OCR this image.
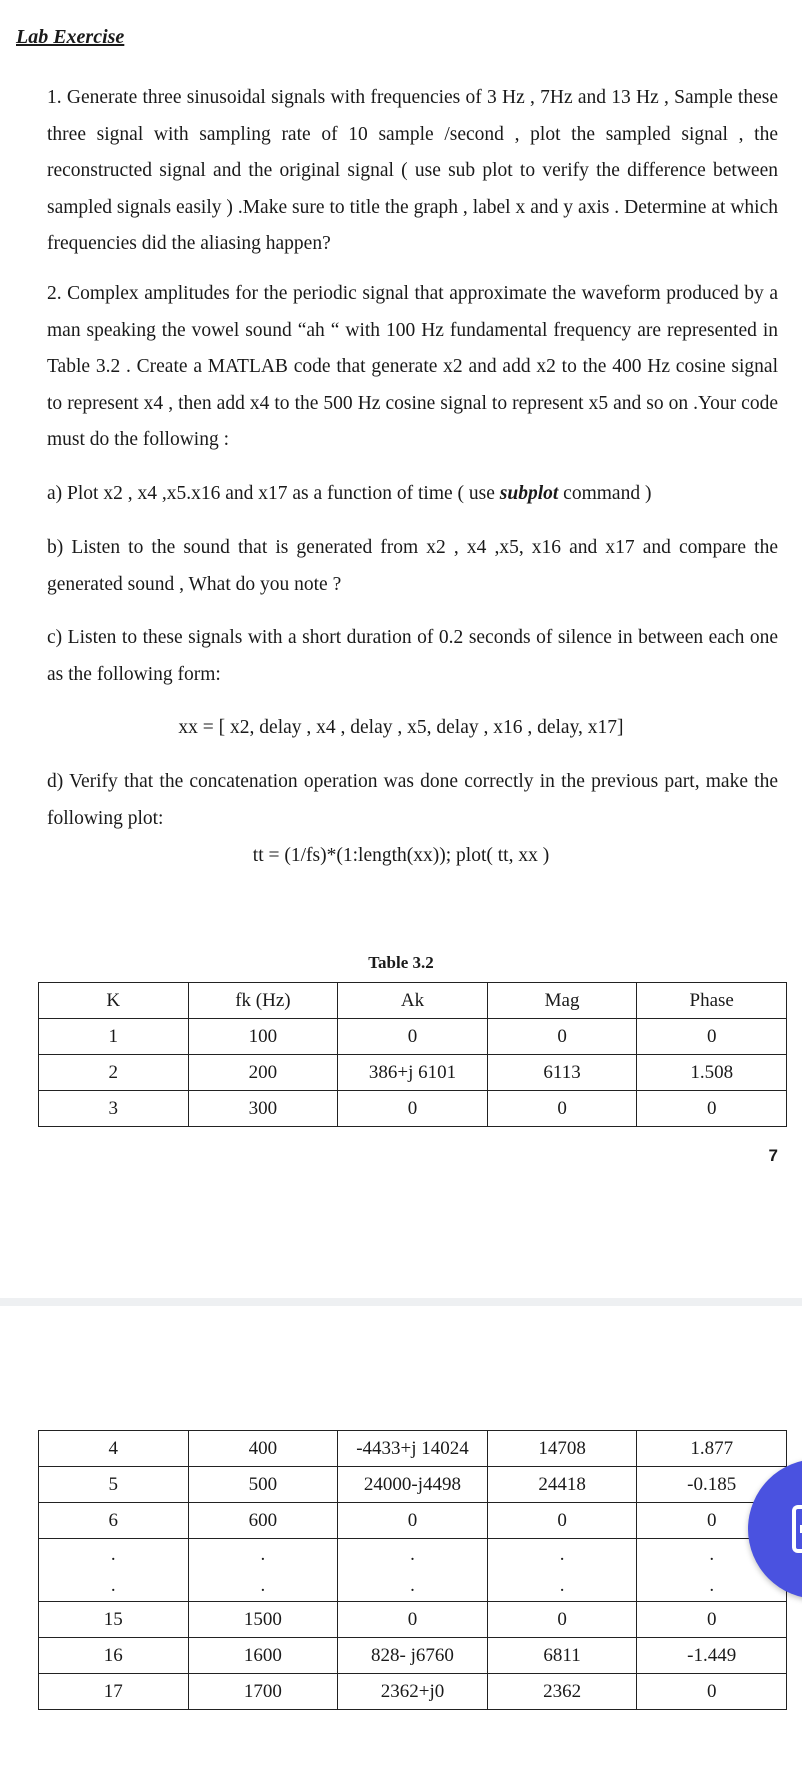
Lab Exercise

1. Generate three sinusoidal signals with frequencies of 3 Hz , 7Hz and 13 Hz , Sample these three signal with sampling rate of 10 sample /second , plot the sampled signal , the reconstructed signal and the original signal ( use sub plot to verify the difference between sampled signals easily ) .Make sure to title the graph , label x and y axis . Determine at which frequencies did the aliasing happen?

2. Complex amplitudes for the periodic signal that approximate the waveform produced by a man speaking the vowel sound “ah “ with 100 Hz fundamental frequency are represented in Table 3.2 . Create a MATLAB code that generate x2 and add x2 to the 400 Hz cosine signal to represent x4 , then add x4 to the 500 Hz cosine signal to represent x5 and so on .Your code must do the following :

a) Plot x2 , x4 ,x5.x16 and x17 as a function of time ( use subplot command )

b) Listen to the sound that is generated from x2 , x4 ,x5, x16 and x17 and compare the generated sound , What do you note ?

c) Listen to these signals with a short duration of 0.2 seconds of silence in between each one as the following form:

xx = [ x2, delay , x4 , delay , x5, delay , x16 , delay, x17]

d) Verify that the concatenation operation was done correctly in the previous part, make the following plot:

tt = (1/fs)*(1:length(xx)); plot( tt, xx )
Table 3.2
K	fk (Hz)	Ak	Mag	Phase
1	100	0	0	0
2	200	386+j 6101	6113	1.508
3	300	0	0	0
7
4	400	-4433+j 14024	14708	1.877
5	500	24000-j4498	24418	-0.185
6	600	0	0	0
.	.	.	.	.
.	.	.	.	.
15	1500	0	0	0
16	1600	828- j6760	6811	-1.449
17	1700	2362+j0	2362	0
